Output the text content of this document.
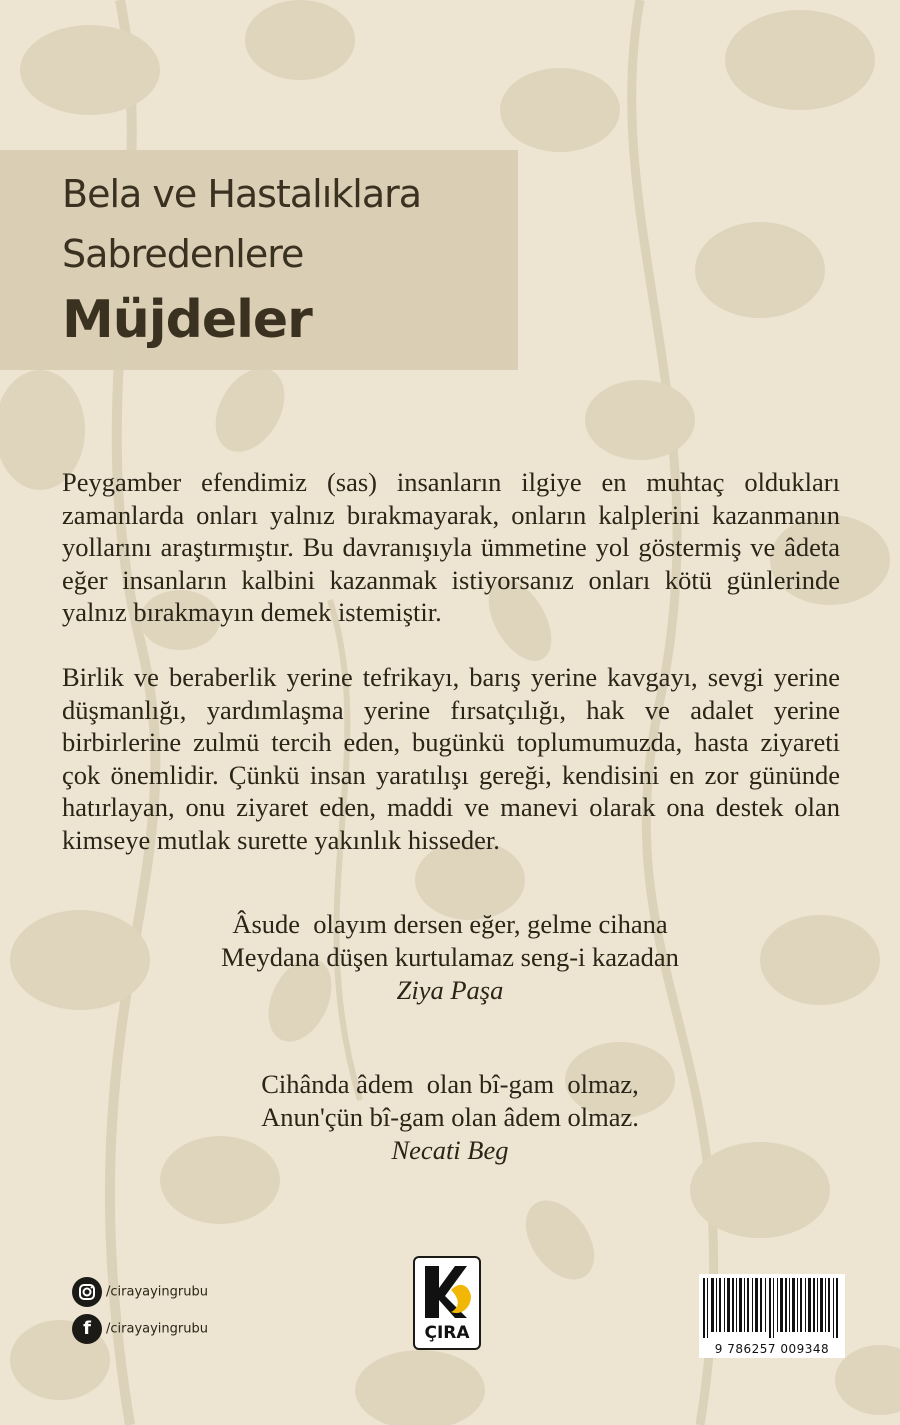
Bela ve Hastalıklara
Sabredenlere
Müjdeler

Peygamber efendimiz (sas) insanların ilgiye en muhtaç oldukları zamanlarda onları yalnız bırakmayarak, onların kalplerini kazanmanın yollarını araştırmıştır. Bu davranışıyla ümmetine yol göstermiş ve âdeta eğer insanların kalbini kazanmak istiyorsanız onları kötü günlerinde yalnız bırakmayın demek istemiştir.

Birlik ve beraberlik yerine tefrikayı, barış yerine kavgayı, sevgi yerine düşmanlığı, yardımlaşma yerine fırsatçılığı, hak ve adalet yerine birbirlerine zulmü tercih eden, bugünkü toplumumuzda, hasta ziyareti çok önemlidir. Çünkü insan yaratılışı gereği, kendisini en zor gününde hatırlayan, onu ziyaret eden, maddi ve manevi olarak ona destek olan kimseye mutlak surette yakınlık hisseder.

Âsude  olayım dersen eğer, gelme cihana
Meydana düşen kurtulamaz seng-i kazadan
Ziya Paşa
Cihânda âdem  olan bî-gam  olmaz,
Anun'çün bî-gam olan âdem olmaz.
Necati Beg
/cirayayingrubu
f /cirayayingrubu	ÇIRA
9 786257 009348
